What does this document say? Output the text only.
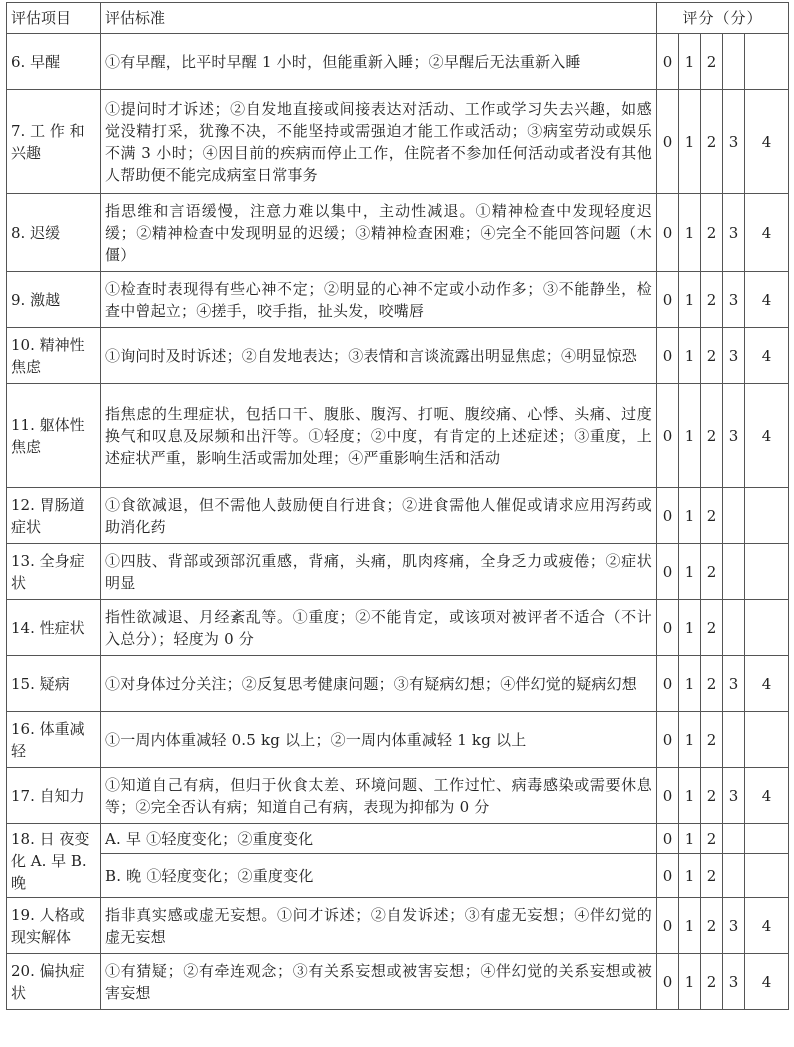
评估项目	评估标准	评分（分）				
6. 早醒	①有早醒，比平时早醒 1 小时，但能重新入睡；②早醒后无法重新入睡	0	1	2		
7. 工 作 和兴趣	①提问时才诉述；②自发地直接或间接表达对活动、工作或学习失去兴趣，如感觉没精打采，犹豫不决，不能坚持或需强迫才能工作或活动；③病室劳动或娱乐不满 3 小时；④因目前的疾病而停止工作，住院者不参加任何活动或者没有其他人帮助便不能完成病室日常事务	0	1	2	3	4
8. 迟缓	指思维和言语缓慢，注意力难以集中，主动性减退。①精神检查中发现轻度迟缓；②精神检查中发现明显的迟缓；③精神检查困难；④完全不能回答问题（木僵）	0	1	2	3	4
9. 激越	①检查时表现得有些心神不定；②明显的心神不定或小动作多；③不能静坐，检查中曾起立；④搓手，咬手指，扯头发，咬嘴唇	0	1	2	3	4
10. 精神性焦虑	①询问时及时诉述；②自发地表达；③表情和言谈流露出明显焦虑；④明显惊恐	0	1	2	3	4
11. 躯体性焦虑	指焦虑的生理症状，包括口干、腹胀、腹泻、打呃、腹绞痛、心悸、头痛、过度换气和叹息及尿频和出汗等。①轻度；②中度，有肯定的上述症述；③重度，上述症状严重，影响生活或需加处理；④严重影响生活和活动	0	1	2	3	4
12. 胃肠道症状	①食欲减退，但不需他人鼓励便自行进食；②进食需他人催促或请求应用泻药或助消化药	0	1	2		
13. 全身症状	①四肢、背部或颈部沉重感，背痛，头痛，肌肉疼痛，全身乏力或疲倦；②症状明显	0	1	2		
14. 性症状	指性欲减退、月经紊乱等。①重度；②不能肯定，或该项对被评者不适合（不计入总分）；轻度为 0 分	0	1	2		
15. 疑病	①对身体过分关注；②反复思考健康问题；③有疑病幻想；④伴幻觉的疑病幻想	0	1	2	3	4
16. 体重减轻	①一周内体重减轻 0.5 kg 以上；②一周内体重减轻 1 kg 以上	0	1	2		
17. 自知力	①知道自己有病，但归于伙食太差、环境问题、工作过忙、病毒感染或需要休息等；②完全否认有病；知道自己有病，表现为抑郁为 0 分	0	1	2	3	4
18. 日 夜变化 A. 早 B. 晚	A. 早 ①轻度变化；②重度变化	0	1	2		
	B. 晚 ①轻度变化；②重度变化	0	1	2		
19. 人格或现实解体	指非真实感或虚无妄想。①问才诉述；②自发诉述；③有虚无妄想；④伴幻觉的虚无妄想	0	1	2	3	4
20. 偏执症状	①有猜疑；②有牵连观念；③有关系妄想或被害妄想；④伴幻觉的关系妄想或被害妄想	0	1	2	3	4
